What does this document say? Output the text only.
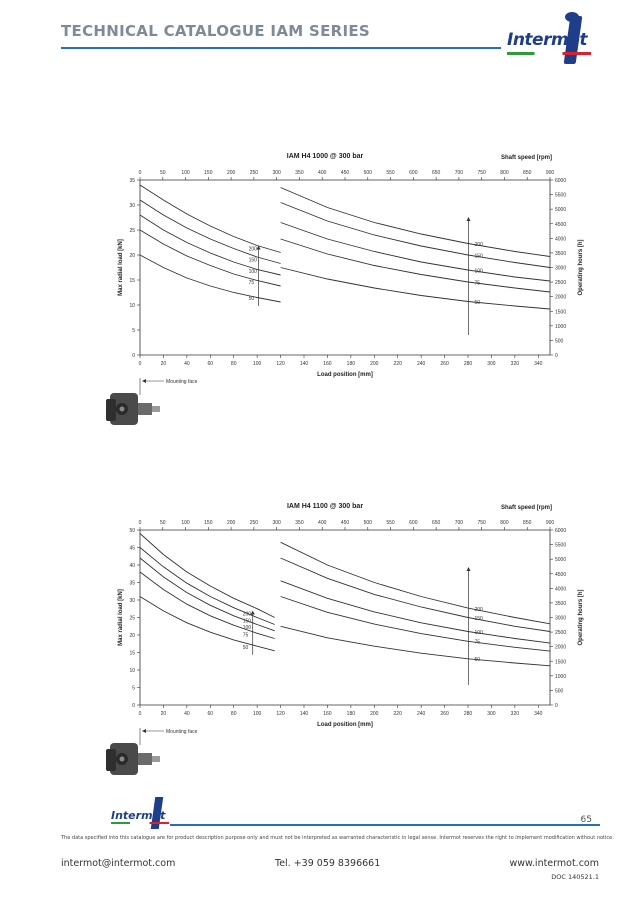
TECHNICAL CATALOGUE IAM SERIES	Intermot
IAM H4 1000 @ 300 bar	Shaft speed [rpm]
Load position [mm]
Max radial load [kN]	Operating hours [h]
0	20	40	60	80	100	120	140	160	180	200	220	240	260	280	300	320	340
0
5
10
15
20
25
30
35
0	50	100	150	200	250	300	350	400	450	500	550	600	650	700	750	800	850	900
0
500
1000
1500
2000
2500
3000
3500
4000
4500
5000
5500
6000
200
150
100
75
50
200
150
100
75
50
Mounting face
IAM H4 1100 @ 300 bar	Shaft speed [rpm]
Load position [mm]
Max radial load [kN]	Operating hours [h]
0	20	40	60	80	100	120	140	160	180	200	220	240	260	280	300	320	340
0
5
10
15
20
25
30
35
40
45
50
0	50	100	150	200	250	300	350	400	450	500	550	600	650	700	750	800	850	900
0
500
1000
1500
2000
2500
3000
3500
4000
4500
5000
5500
6000
200
150
100
75
50
200
150
100
75
50
Mounting face
Intermot	65
The data specified into this catalogue are for product description purpose only and must not be interpreted as warranted characteristic in legal sense. Intermot reserves the right to implement modification without notice.
intermot@intermot.com	Tel. +39 059 8396661	www.intermot.com
DOC 140521.1
